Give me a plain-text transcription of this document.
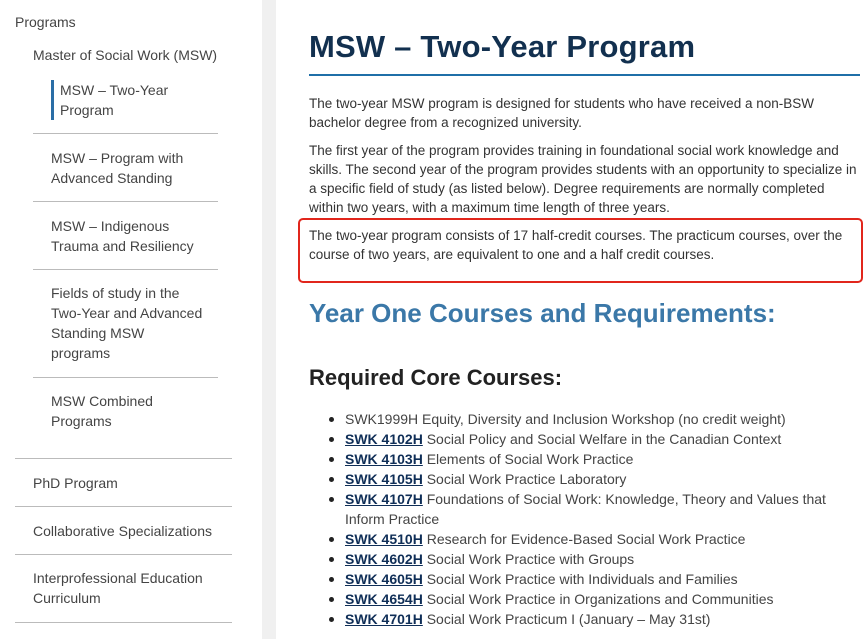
Programs
Master of Social Work (MSW)
MSW – Two-Year
Program
MSW – Program with
Advanced Standing
MSW – Indigenous
Trauma and Resiliency
Fields of study in the
Two-Year and Advanced
Standing MSW
programs
MSW Combined
Programs
PhD Program
Collaborative Specializations
Interprofessional Education
Curriculum
MSW – Two-Year Program

The two-year MSW program is designed for students who have received a non-BSW bachelor degree from a recognized university.

The first year of the program provides training in foundational social work knowledge and skills. The second year of the program provides students with an opportunity to specialize in a specific field of study (as listed below). Degree requirements are normally completed within two years, with a maximum time length of three years.

The two-year program consists of 17 half-credit courses. The practicum courses, over the course of two years, are equivalent to one and a half credit courses.

Year One Courses and Requirements:
Required Core Courses:
SWK1999H Equity, Diversity and Inclusion Workshop (no credit weight)
SWK 4102H Social Policy and Social Welfare in the Canadian Context
SWK 4103H Elements of Social Work Practice
SWK 4105H Social Work Practice Laboratory
SWK 4107H Foundations of Social Work: Knowledge, Theory and Values that Inform Practice
SWK 4510H Research for Evidence-Based Social Work Practice
SWK 4602H Social Work Practice with Groups
SWK 4605H Social Work Practice with Individuals and Families
SWK 4654H Social Work Practice in Organizations and Communities
SWK 4701H Social Work Practicum I (January – May 31st)
